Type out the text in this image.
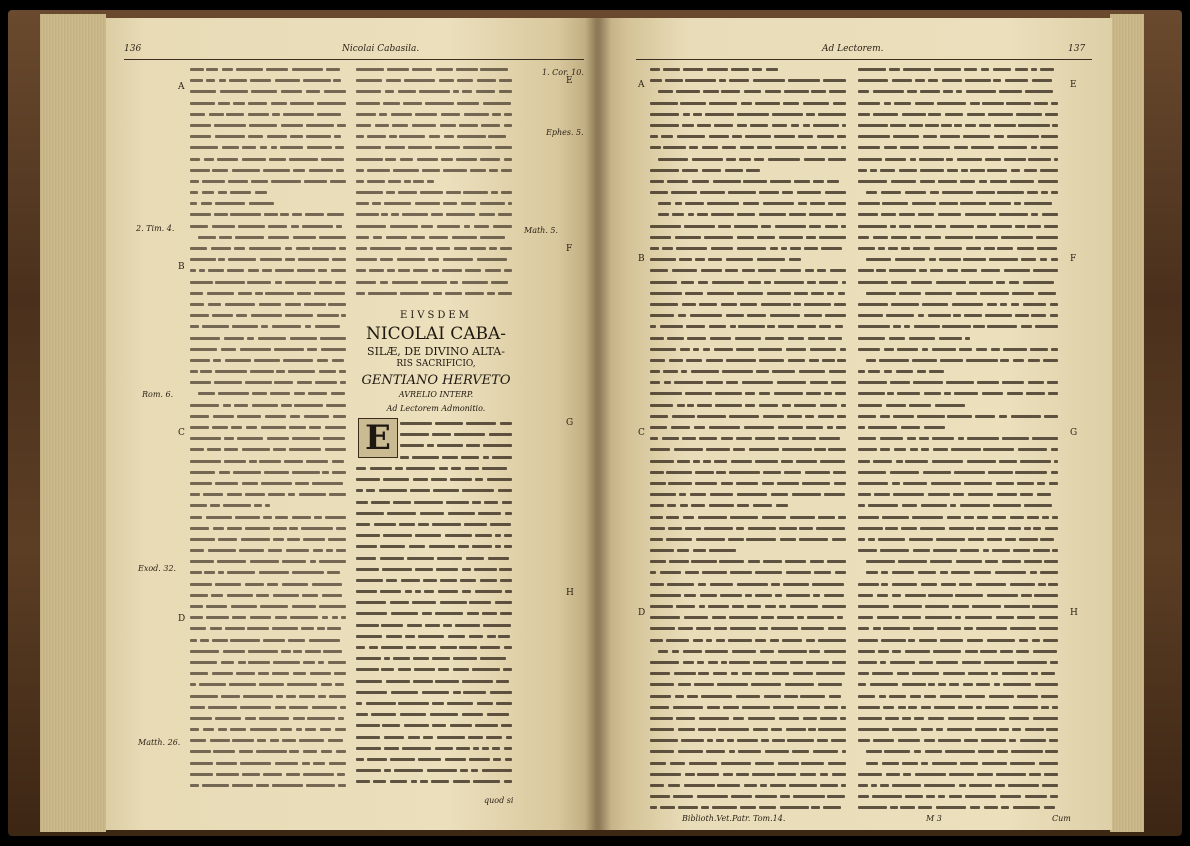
136	Nicolai Cabasila.
EIVSDEM
NICOLAI CABA-
SILÆ, DE DIVINO ALTA-
RIS SACRIFICIO,
GENTIANO HERVETO
AVRELIO INTERP.
Ad Lectorem Admonitio.
E
A
B
C
D
E
F
G
H
2. Tim. 4.
Rom. 6.
Exod. 32.
Matth. 26.
Ephes. 5.
1. Cor. 10.
Math. 5.
quod si
Ad Lectorem.	137
A
B
C
D
E
F
G
H
Biblioth.Vet.Patr. Tom.14.	M 3	Cum
